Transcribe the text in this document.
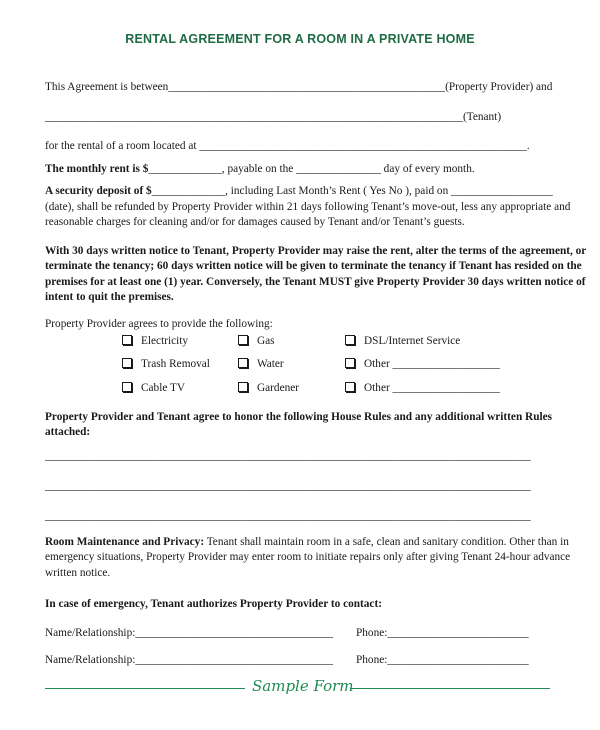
RENTAL AGREEMENT FOR A ROOM IN A PRIVATE HOME
This Agreement is between_________________________________________________(Property Provider) and
__________________________________________________________________________(Tenant)
for the rental of a room located at __________________________________________________________.
The monthly rent is $_____________, payable on the _______________ day of every month.
A security deposit of $_____________, including Last Month’s Rent ( Yes No ), paid on __________________
(date), shall be refunded by Property Provider within 21 days following Tenant’s move-out, less any appropriate and
reasonable charges for cleaning and/or for damages caused by Tenant and/or Tenant’s guests.
With 30 days written notice to Tenant, Property Provider may raise the rent, alter the terms of the agreement, or
terminate the tenancy; 60 days written notice will be given to terminate the tenancy if Tenant has resided on the
premises for at least one (1) year. Conversely, the Tenant MUST give Property Provider 30 days written notice of
intent to quit the premises.
Property Provider agrees to provide the following:
Electricity	Gas	DSL/Internet Service
Trash Removal	Water	Other ___________________
Cable TV	Gardener	Other ___________________
Property Provider and Tenant agree to honor the following House Rules and any additional written Rules
attached:
______________________________________________________________________________________
______________________________________________________________________________________
______________________________________________________________________________________
Room Maintenance and Privacy: Tenant shall maintain room in a safe, clean and sanitary condition. Other than in
emergency situations, Property Provider may enter room to initiate repairs only after giving Tenant 24-hour advance
written notice.
In case of emergency, Tenant authorizes Property Provider to contact:
Name/Relationship:___________________________________ Phone:_________________________
Name/Relationship:___________________________________ Phone:_________________________
Sample Form
